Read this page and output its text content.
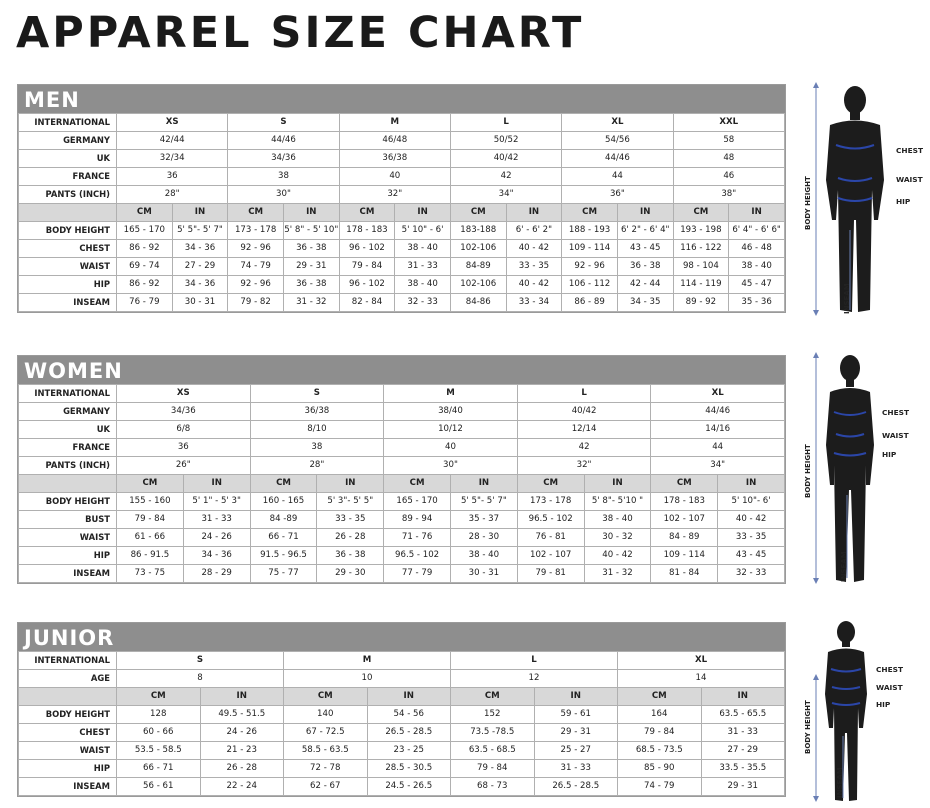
APPAREL SIZE CHART
MEN
INTERNATIONAL	XS		S		M		L		XL		XXL	
GERMANY	42/44		44/46		46/48		50/52		54/56		58	
UK	32/34		34/36		36/38		40/42		44/46		48	
FRANCE	36		38		40		42		44		46	
PANTS (INCH)	28"		30"		32"		34"		36"		38"	
	CM	IN	CM	IN	CM	IN	CM	IN	CM	IN	CM	IN
BODY HEIGHT	165 - 170	5' 5"- 5' 7"	173 - 178	5' 8" - 5' 10"	178 - 183	5' 10" - 6'	183-188	6' - 6' 2"	188 - 193	6' 2" - 6' 4"	193 - 198	6' 4" - 6' 6"
CHEST	86 - 92	34 - 36	92 - 96	36 - 38	96 - 102	38 - 40	102-106	40 - 42	109 - 114	43 - 45	116 - 122	46 - 48
WAIST	69 - 74	27 - 29	74 - 79	29 - 31	79 - 84	31 - 33	84-89	33 - 35	92 - 96	36 - 38	98 - 104	38 - 40
HIP	86 - 92	34 - 36	92 - 96	36 - 38	96 - 102	38 - 40	102-106	40 - 42	106 - 112	42 - 44	114 - 119	45 - 47
INSEAM	76 - 79	30 - 31	79 - 82	31 - 32	82 - 84	32 - 33	84-86	33 - 34	86 - 89	34 - 35	89 - 92	35 - 36
WOMEN
INTERNATIONAL	XS		S		M		L		XL	
GERMANY	34/36		36/38		38/40		40/42		44/46	
UK	6/8		8/10		10/12		12/14		14/16	
FRANCE	36		38		40		42		44	
PANTS (INCH)	26"		28"		30"		32"		34"	
	CM	IN	CM	IN	CM	IN	CM	IN	CM	IN
BODY HEIGHT	155 - 160	5' 1" - 5' 3"	160 - 165	5' 3"- 5' 5"	165 - 170	5' 5"- 5' 7"	173 - 178	5' 8"- 5'10 "	178 - 183	5' 10"- 6'
BUST	79 - 84	31 - 33	84 -89	33 - 35	89 - 94	35 - 37	96.5 - 102	38 - 40	102 - 107	40 - 42
WAIST	61 - 66	24 - 26	66 - 71	26 - 28	71 - 76	28 - 30	76 - 81	30 - 32	84 - 89	33 - 35
HIP	86 - 91.5	34 - 36	91.5 - 96.5	36 - 38	96.5 - 102	38 - 40	102 - 107	40 - 42	109 - 114	43 - 45
INSEAM	73 - 75	28 - 29	75 - 77	29 - 30	77 - 79	30 - 31	79 - 81	31 - 32	81 - 84	32 - 33
JUNIOR
INTERNATIONAL	S		M		L		XL	
AGE	8		10		12		14	
	CM	IN	CM	IN	CM	IN	CM	IN
BODY HEIGHT	128	49.5 - 51.5	140	54 - 56	152	59 - 61	164	63.5 - 65.5
CHEST	60 - 66	24 - 26	67 - 72.5	26.5 - 28.5	73.5 -78.5	29 - 31	79 - 84	31 - 33
WAIST	53.5 - 58.5	21 - 23	58.5 - 63.5	23 - 25	63.5 - 68.5	25 - 27	68.5 - 73.5	27 - 29
HIP	66 - 71	26 - 28	72 - 78	28.5 - 30.5	79 - 84	31 - 33	85 - 90	33.5 - 35.5
INSEAM	56 - 61	22 - 24	62 - 67	24.5 - 26.5	68 - 73	26.5 - 28.5	74 - 79	29 - 31
CHEST
WAIST
HIP
BODY HEIGHT
INSEAM
CHEST
WAIST
HIP
BODY HEIGHT
INSEAM
CHEST
WAIST
HIP
BODY HEIGHT
INSEAM
